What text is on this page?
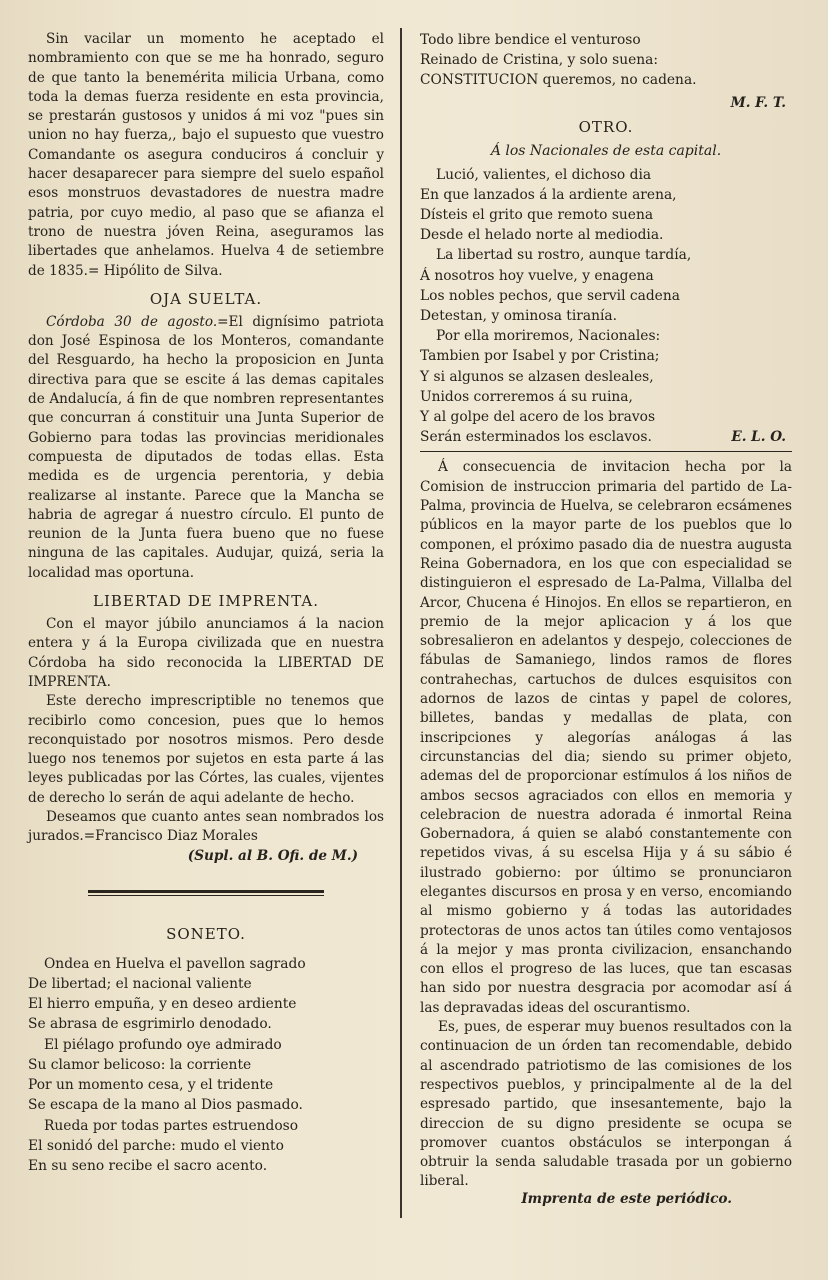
Sin vacilar un momento he aceptado el nombramiento con que se me ha honrado, seguro de que tanto la benemérita milicia Urbana, como toda la demas fuerza residente en esta provincia, se prestarán gustosos y unidos á mi voz "pues sin union no hay fuerza,, bajo el supuesto que vuestro Comandante os asegura conduciros á concluir y hacer desaparecer para siempre del suelo español esos monstruos devastadores de nuestra madre patria, por cuyo medio, al paso que se afianza el trono de nuestra jóven Reina, aseguramos las libertades que anhelamos. Huelva 4 de setiembre de 1835.= Hipólito de Silva.

OJA SUELTA.

Córdoba 30 de agosto.=El dignísimo patriota don José Espinosa de los Monteros, comandante del Resguardo, ha hecho la proposicion en Junta directiva para que se escite á las demas capitales de Andalucía, á fin de que nombren representantes que concurran á constituir una Junta Superior de Gobierno para todas las provincias meridionales compuesta de diputados de todas ellas. Esta medida es de urgencia perentoria, y debia realizarse al instante. Parece que la Mancha se habria de agregar á nuestro círculo. El punto de reunion de la Junta fuera bueno que no fuese ninguna de las capitales. Audujar, quizá, seria la localidad mas oportuna.

LIBERTAD DE IMPRENTA.

Con el mayor júbilo anunciamos á la nacion entera y á la Europa civilizada que en nuestra Córdoba ha sido reconocida la LIBERTAD DE IMPRENTA.

Este derecho imprescriptible no tenemos que recibirlo como concesion, pues que lo hemos reconquistado por nosotros mismos. Pero desde luego nos tenemos por sujetos en esta parte á las leyes publicadas por las Córtes, las cuales, vijentes de derecho lo serán de aqui adelante de hecho.

Deseamos que cuanto antes sean nombrados los jurados.=Francisco Diaz Morales

(Supl. al B. Ofi. de M.)

SONETO.
Ondea en Huelva el pavellon sagrado
De libertad; el nacional valiente
El hierro empuña, y en deseo ardiente
Se abrasa de esgrimirlo denodado.
El piélago profundo oye admirado
Su clamor belicoso: la corriente
Por un momento cesa, y el tridente
Se escapa de la mano al Dios pasmado.
Rueda por todas partes estruendoso
El sonidó del parche: mudo el viento
En su seno recibe el sacro acento.
Todo libre bendice el venturoso
Reinado de Cristina, y solo suena:
CONSTITUCION queremos, no cadena.
M. F. T.
OTRO.
Á los Nacionales de esta capital.
Lució, valientes, el dichoso dia
En que lanzados á la ardiente arena,
Dísteis el grito que remoto suena
Desde el helado norte al mediodia.
La libertad su rostro, aunque tardía,
Á nosotros hoy vuelve, y enagena
Los nobles pechos, que servil cadena
Detestan, y ominosa tiranía.
Por ella moriremos, Nacionales:
Tambien por Isabel y por Cristina;
Y si algunos se alzasen desleales,
Unidos correremos á su ruina,
Y al golpe del acero de los bravos
Serán esterminados los esclavos.	E. L. O.

Á consecuencia de invitacion hecha por la Comision de instruccion primaria del partido de La-Palma, provincia de Huelva, se celebraron ecsámenes públicos en la mayor parte de los pueblos que lo componen, el próximo pasado dia de nuestra augusta Reina Gobernadora, en los que con especialidad se distinguieron el espresado de La-Palma, Villalba del Arcor, Chucena é Hinojos. En ellos se repartieron, en premio de la mejor aplicacion y á los que sobresalieron en adelantos y despejo, colecciones de fábulas de Samaniego, lindos ramos de flores contrahechas, cartuchos de dulces esquisitos con adornos de lazos de cintas y papel de colores, billetes, bandas y medallas de plata, con inscripciones y alegorías análogas á las circunstancias del dia; siendo su primer objeto, ademas del de proporcionar estímulos á los niños de ambos secsos agraciados con ellos en memoria y celebracion de nuestra adorada é inmortal Reina Gobernadora, á quien se alabó constantemente con repetidos vivas, á su escelsa Hija y á su sábio é ilustrado gobierno: por último se pronunciaron elegantes discursos en prosa y en verso, encomiando al mismo gobierno y á todas las autoridades protectoras de unos actos tan útiles como ventajosos á la mejor y mas pronta civilizacion, ensanchando con ellos el progreso de las luces, que tan escasas han sido por nuestra desgracia por acomodar así á las depravadas ideas del oscurantismo.

Es, pues, de esperar muy buenos resultados con la continuacion de un órden tan recomendable, debido al ascendrado patriotismo de las comisiones de los respectivos pueblos, y principalmente al de la del espresado partido, que insesantemente, bajo la direccion de su digno presidente se ocupa se promover cuantos obstáculos se interpongan á obtruir la senda saludable trasada por un gobierno liberal.

Imprenta de este periódico.
